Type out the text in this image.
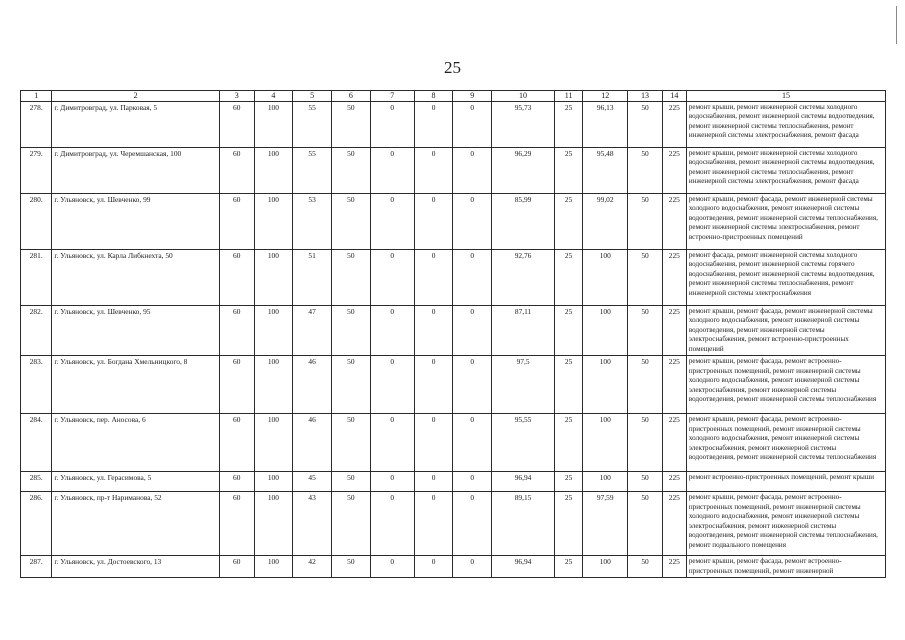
25
1	2	3	4	5	6	7	8	9	10	11	12	13	14	15
278.	г. Димитровград, ул. Парковая, 5	60	100	55	50	0	0	0	95,73	25	96,13	50	225	ремонт крыши, ремонт инженерной системы холодного водоснабжения, ремонт инженерной системы водоотведения, ремонт инженерной системы теплоснабжения, ремонт инженерной системы электроснабжения, ремонт фасада
279.	г. Димитровград, ул. Черемшанская, 100	60	100	55	50	0	0	0	96,29	25	95,48	50	225	ремонт крыши, ремонт инженерной системы холодного водоснабжения, ремонт инженерной системы водоотведения, ремонт инженерной системы теплоснабжения, ремонт инженерной системы электроснабжения, ремонт фасада
280.	г. Ульяновск, ул. Шевченко, 99	60	100	53	50	0	0	0	85,99	25	99,02	50	225	ремонт крыши, ремонт фасада, ремонт инженерной системы холодного водоснабжения, ремонт инженерной системы водоотведения, ремонт инженерной системы теплоснабжения, ремонт инженерной системы электроснабжения, ремонт встроенно-пристроенных помещений
281.	г. Ульяновск, ул. Карла Либкнехта, 50	60	100	51	50	0	0	0	92,76	25	100	50	225	ремонт фасада, ремонт инженерной системы холодного водоснабжения, ремонт инженерной системы горячего водоснабжения, ремонт инженерной системы водоотведения, ремонт инженерной системы теплоснабжения, ремонт инженерной системы электроснабжения
282.	г. Ульяновск, ул. Шевченко, 95	60	100	47	50	0	0	0	87,11	25	100	50	225	ремонт крыши, ремонт фасада, ремонт инженерной системы холодного водоснабжения, ремонт инженерной системы водоотведения, ремонт инженерной системы электроснабжения, ремонт встроенно-пристроенных помещений
283.	г. Ульяновск, ул. Богдана Хмельницкого, 8	60	100	46	50	0	0	0	97,5	25	100	50	225	ремонт крыши, ремонт фасада, ремонт встроенно-пристроенных помещений, ремонт инженерной системы холодного водоснабжения, ремонт инженерной системы электроснабжения, ремонт инженерной системы водоотведения, ремонт инженерной системы теплоснабжения
284.	г. Ульяновск, пер. Аносова, 6	60	100	46	50	0	0	0	95,55	25	100	50	225	ремонт крыши, ремонт фасада, ремонт встроенно-пристроенных помещений, ремонт инженерной системы холодного водоснабжения, ремонт инженерной системы электроснабжения, ремонт инженерной системы водоотведения, ремонт инженерной системы теплоснабжения
285.	г. Ульяновск, ул. Герасимова, 5	60	100	45	50	0	0	0	96,94	25	100	50	225	ремонт встроенно-пристроенных помещений, ремонт крыши
286.	г. Ульяновск, пр-т Нариманова, 52	60	100	43	50	0	0	0	89,15	25	97,59	50	225	ремонт крыши, ремонт фасада, ремонт встроенно-пристроенных помещений, ремонт инженерной системы холодного водоснабжения, ремонт инженерной системы электроснабжения, ремонт инженерной системы водоотведения, ремонт инженерной системы теплоснабжения, ремонт подвального помещения
287.	г. Ульяновск, ул. Достоевского, 13	60	100	42	50	0	0	0	96,94	25	100	50	225	ремонт крыши, ремонт фасада, ремонт встроенно-пристроенных помещений, ремонт инженерной
